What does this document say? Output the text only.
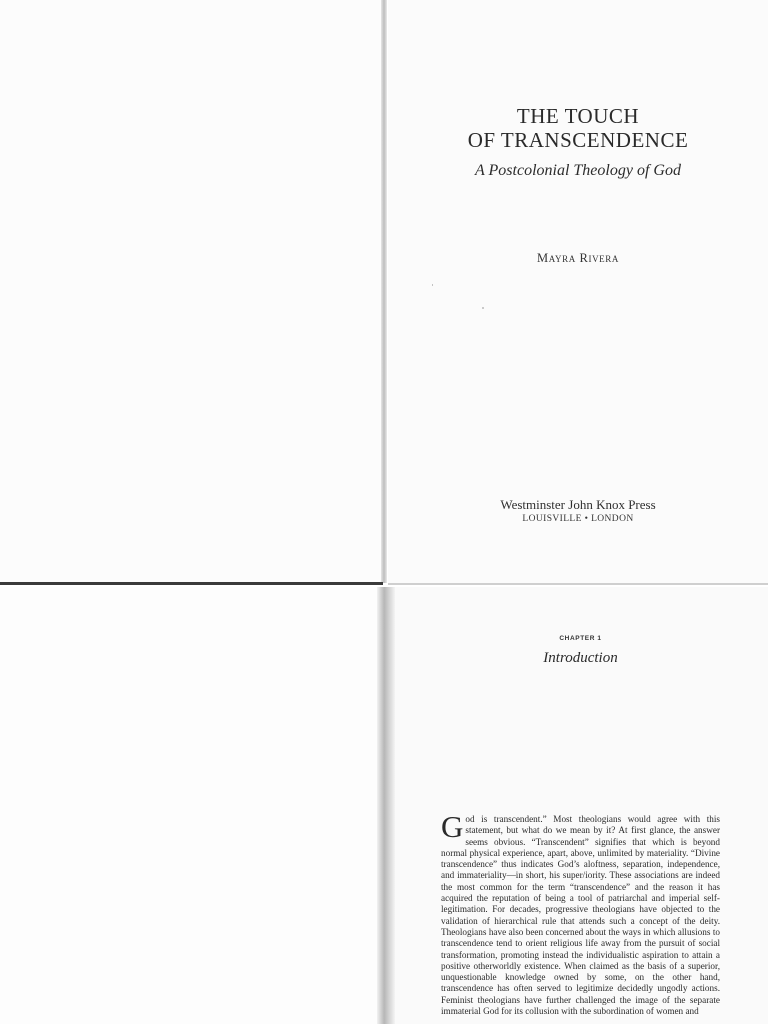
THE TOUCH
OF TRANSCENDENCE
A Postcolonial Theology of God
Mayra Rivera
Westminster John Knox Press
LOUISVILLE • LONDON
CHAPTER 1
Introduction
God is transcendent.” Most theologians would agree with this statement, but what do we mean by it? At first glance, the answer seems obvious. “Transcendent” signifies that which is beyond normal physical experience, apart, above, unlimited by materiality. “Divine transcendence” thus indicates God’s aloftness, separation, independence, and immateriality—in short, his super/iority. These associations are indeed the most common for the term “transcendence” and the reason it has acquired the reputation of being a tool of patriarchal and imperial self-legitimation. For decades, progressive theologians have objected to the validation of hierarchical rule that attends such a concept of the deity. Theologians have also been concerned about the ways in which allusions to transcendence tend to orient religious life away from the pursuit of social transformation, promoting instead the individualistic aspiration to attain a positive otherworldly existence. When claimed as the basis of a superior, unquestionable knowledge owned by some, on the other hand, transcendence has often served to legitimize decidedly ungodly actions. Feminist theologians have further challenged the image of the separate immaterial God for its collusion with the subordination of women and
